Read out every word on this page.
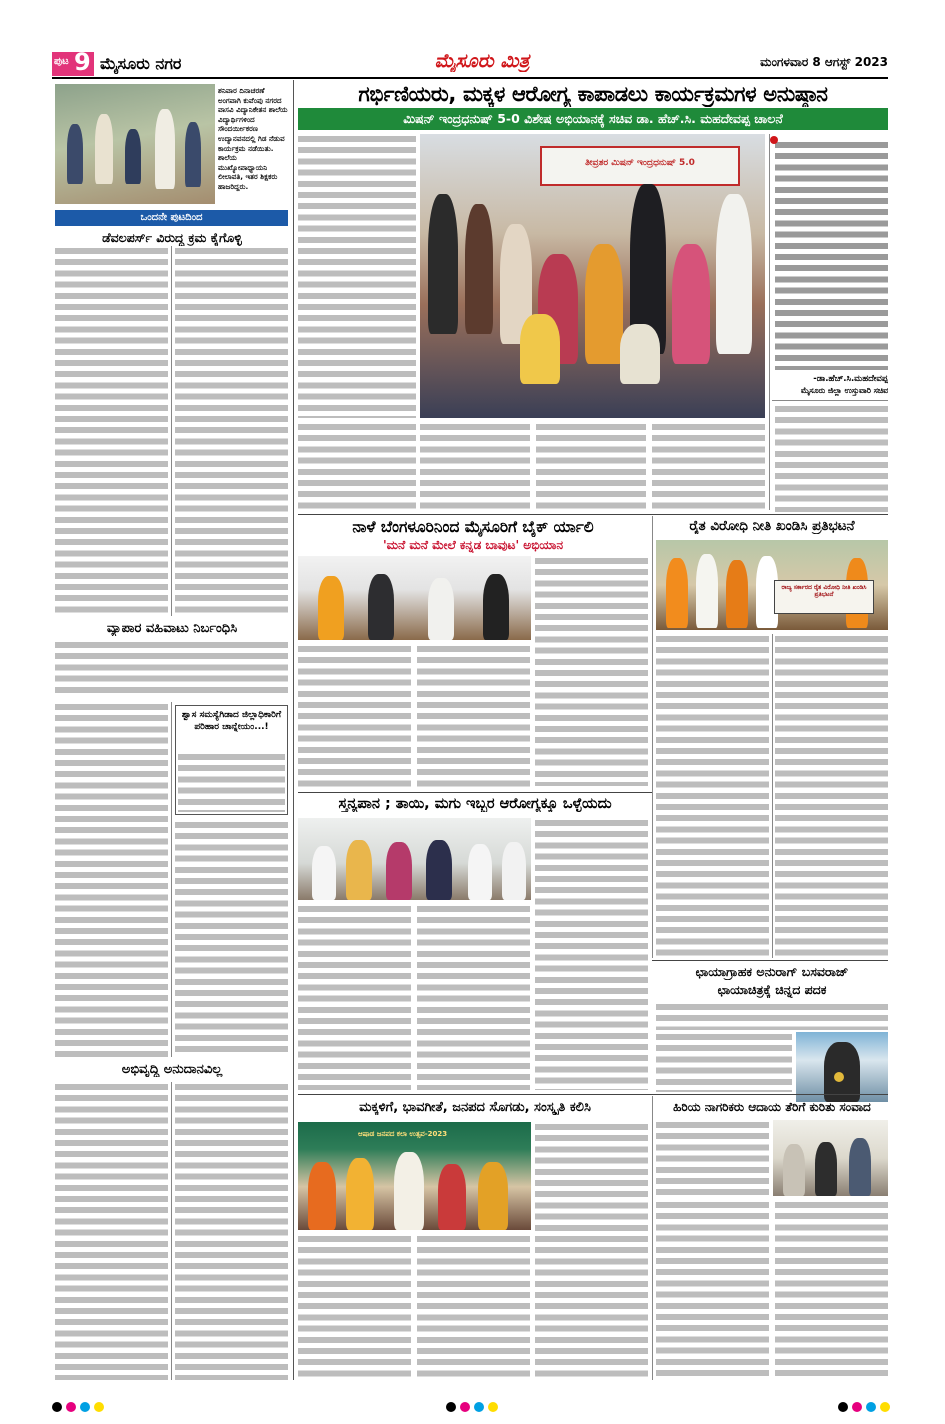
ಪುಟ 9 ಮೈಸೂರು ನಗರ	ಮೈಸೂರು ಮಿತ್ರ	ಮಂಗಳವಾರ 8 ಆಗಸ್ಟ್ 2023
ಶನಿವಾರ ದಿನಾಚರಣೆ ಅಂಗವಾಗಿ ಕುವೆಂಪು ನಗರದ ವಾಸವಿ ವಿದ್ಯಾನಿಕೇತನ ಶಾಲೆಯ ವಿದ್ಯಾರ್ಥಿಗಳಿಂದ ಸೌಂದರ್ಯೀಕರಣ ಉದ್ಯಾನವನದಲ್ಲಿ ಗಿಡ ನೆಡುವ ಕಾರ್ಯಕ್ರಮ ನಡೆಯಿತು. ಶಾಲೆಯ ಮುಖ್ಯೋಪಾಧ್ಯಾಯನಿ ಲೀಲಾವತಿ, ಇತರ ಶಿಕ್ಷಕರು ಹಾಜರಿದ್ದರು.
ಒಂದನೇ ಪುಟದಿಂದ
ಡೆವಲಪರ್ಸ್ ವಿರುದ್ಧ ಕ್ರಮ ಕೈಗೊಳ್ಳಿ
ವ್ಯಾಪಾರ ವಹಿವಾಟು ನಿರ್ಬಂಧಿಸಿ
ಶ್ವಾಸ ಸಮಸ್ಯೆಗಿಡಾದ ಜಿಲ್ಲಾಧಿಕಾರಿಗೆ ಪರಿಹಾರ ಚಾನ್ನೇಯಂ...!
ಅಭಿವೃದ್ಧಿ ಅನುದಾನವಿಲ್ಲ
ಗರ್ಭಿಣಿಯರು, ಮಕ್ಕಳ ಆರೋಗ್ಯ ಕಾಪಾಡಲು ಕಾರ್ಯಕ್ರಮಗಳ ಅನುಷ್ಠಾನ
ಮಿಷನ್ ಇಂದ್ರಧನುಷ್ 5-0 ವಿಶೇಷ ಅಭಿಯಾನಕ್ಕೆ ಸಚಿವ ಡಾ. ಹೆಚ್.ಸಿ. ಮಹದೇವಪ್ಪ ಚಾಲನೆ
ತೀವ್ರತರ ಮಿಷನ್ ಇಂದ್ರಧನುಷ್ 5.0
-ಡಾ.ಹೆಚ್.ಸಿ.ಮಹದೇವಪ್ಪ
ಮೈಸೂರು ಜಿಲ್ಲಾ ಉಸ್ತುವಾರಿ ಸಚಿವ
ನಾಳೆ ಬೆಂಗಳೂರಿನಿಂದ ಮೈಸೂರಿಗೆ ಬೈಕ್ ರ್ಯಾಲಿ
'ಮನೆ ಮನೆ ಮೇಲೆ ಕನ್ನಡ ಬಾವುಟ' ಅಭಿಯಾನ
ರೈತ ವಿರೋಧಿ ನೀತಿ ಖಂಡಿಸಿ ಪ್ರತಿಭಟನೆ
ರಾಜ್ಯ ಸರ್ಕಾರದ ರೈತ ವಿರೋಧಿ ನೀತಿ ಖಂಡಿಸಿ ಪ್ರತಿಭಟನೆ
ಸ್ತನ್ಯಪಾನ ; ತಾಯಿ, ಮಗು ಇಬ್ಬರ ಆರೋಗ್ಯಕ್ಕೂ ಒಳ್ಳೆಯದು
ಛಾಯಾಗ್ರಾಹಕ ಅನುರಾಗ್ ಬಸವರಾಜ್
ಛಾಯಾಚಿತ್ರಕ್ಕೆ ಚಿನ್ನದ ಪದಕ
ಮಕ್ಕಳಿಗೆ, ಭಾವಗೀತೆ, ಜನಪದ ಸೊಗಡು, ಸಂಸ್ಕೃತಿ ಕಲಿಸಿ
ಆಷಾಡ ಜನಪದ ಕಲಾ ಉತ್ಸವ-2023
ಹಿರಿಯ ನಾಗರಿಕರು ಆದಾಯ ತೆರಿಗೆ ಕುರಿತು ಸಂವಾದ
